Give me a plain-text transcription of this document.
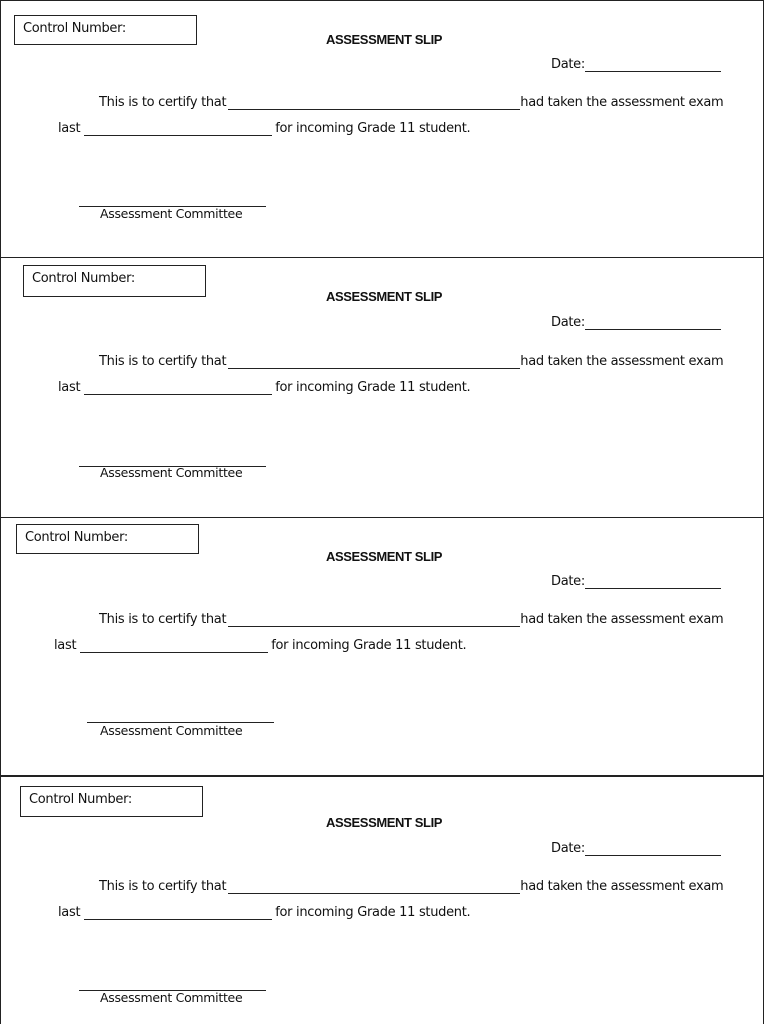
Control Number:
ASSESSMENT SLIP
Date:
This is to certify that	had taken the assessment exam
last	for incoming Grade 11 student.
Assessment Committee
Control Number:
ASSESSMENT SLIP
Date:
This is to certify that	had taken the assessment exam
last	for incoming Grade 11 student.
Assessment Committee
Control Number:
ASSESSMENT SLIP
Date:
This is to certify that	had taken the assessment exam
last	for incoming Grade 11 student.
Assessment Committee
Control Number:
ASSESSMENT SLIP
Date:
This is to certify that	had taken the assessment exam
last	for incoming Grade 11 student.
Assessment Committee
